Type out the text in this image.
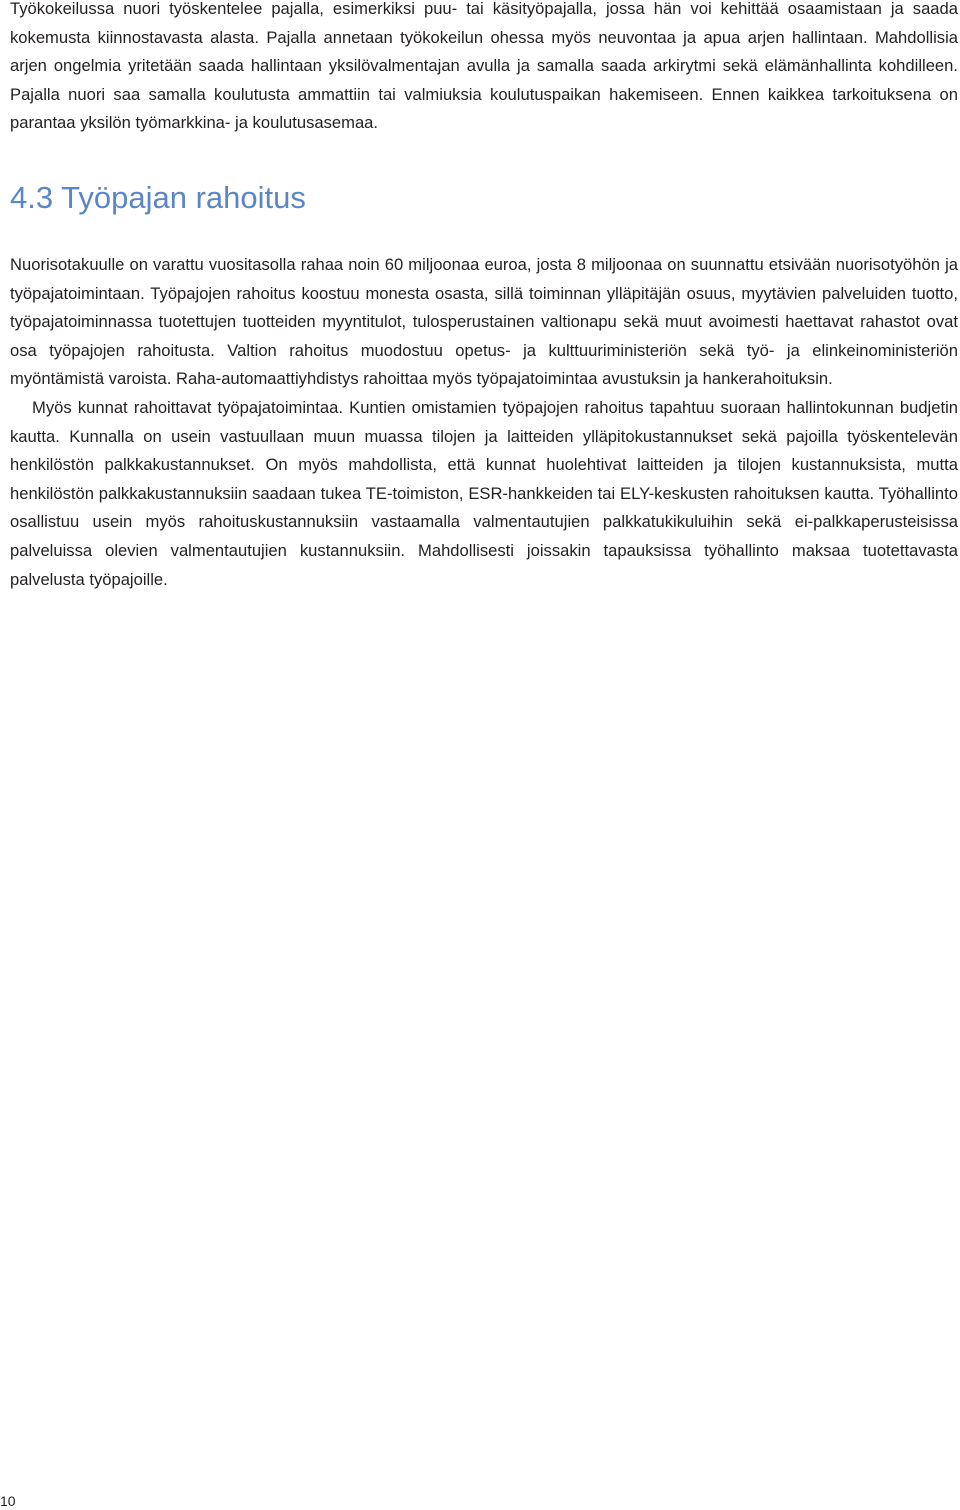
Työkokeilussa nuori työskentelee pajalla, esimerkiksi puu- tai käsityöpajalla, jossa hän voi kehittää osaamistaan ja saada kokemusta kiinnostavasta alasta. Pajalla annetaan työkokeilun ohessa myös neuvontaa ja apua arjen hallintaan. Mahdollisia arjen ongelmia yritetään saada hallintaan yksilövalmentajan avulla ja samalla saada arkirytmi sekä elämänhallinta kohdilleen. Pajalla nuori saa samalla koulutusta ammattiin tai valmiuksia koulutuspaikan hakemiseen. Ennen kaikkea tarkoituksena on parantaa yksilön työmarkkina- ja koulutusasemaa.

4.3 Työpajan rahoitus

Nuorisotakuulle on varattu vuositasolla rahaa noin 60 miljoonaa euroa, josta 8 miljoonaa on suunnattu etsivään nuorisotyöhön ja työpajatoimintaan. Työpajojen rahoitus koostuu monesta osasta, sillä toiminnan ylläpitäjän osuus, myytävien palveluiden tuotto, työpajatoiminnassa tuotettujen tuotteiden myyntitulot, tulosperustainen valtionapu sekä muut avoimesti haettavat rahastot ovat osa työpajojen rahoitusta. Valtion rahoitus muodostuu opetus- ja kulttuuriministeriön sekä työ- ja elinkeinoministeriön myöntämistä varoista. Raha-automaattiyhdistys rahoittaa myös työpajatoimintaa avustuksin ja hankerahoituksin.

Myös kunnat rahoittavat työpajatoimintaa. Kuntien omistamien työpajojen rahoitus tapahtuu suoraan hallintokunnan budjetin kautta. Kunnalla on usein vastuullaan muun muassa tilojen ja laitteiden ylläpitokustannukset sekä pajoilla työskentelevän henkilöstön palkkakustannukset. On myös mahdollista, että kunnat huolehtivat laitteiden ja tilojen kustannuksista, mutta henkilöstön palkkakustannuksiin saadaan tukea TE-toimiston, ESR-hankkeiden tai ELY-keskusten rahoituksen kautta. Työhallinto osallistuu usein myös rahoituskustannuksiin vastaamalla valmentautujien palkkatukikuluihin sekä ei-palkkaperusteisissa palveluissa olevien valmentautujien kustannuksiin. Mahdollisesti joissakin tapauksissa työhallinto maksaa tuotettavasta palvelusta työpajoille.

10
